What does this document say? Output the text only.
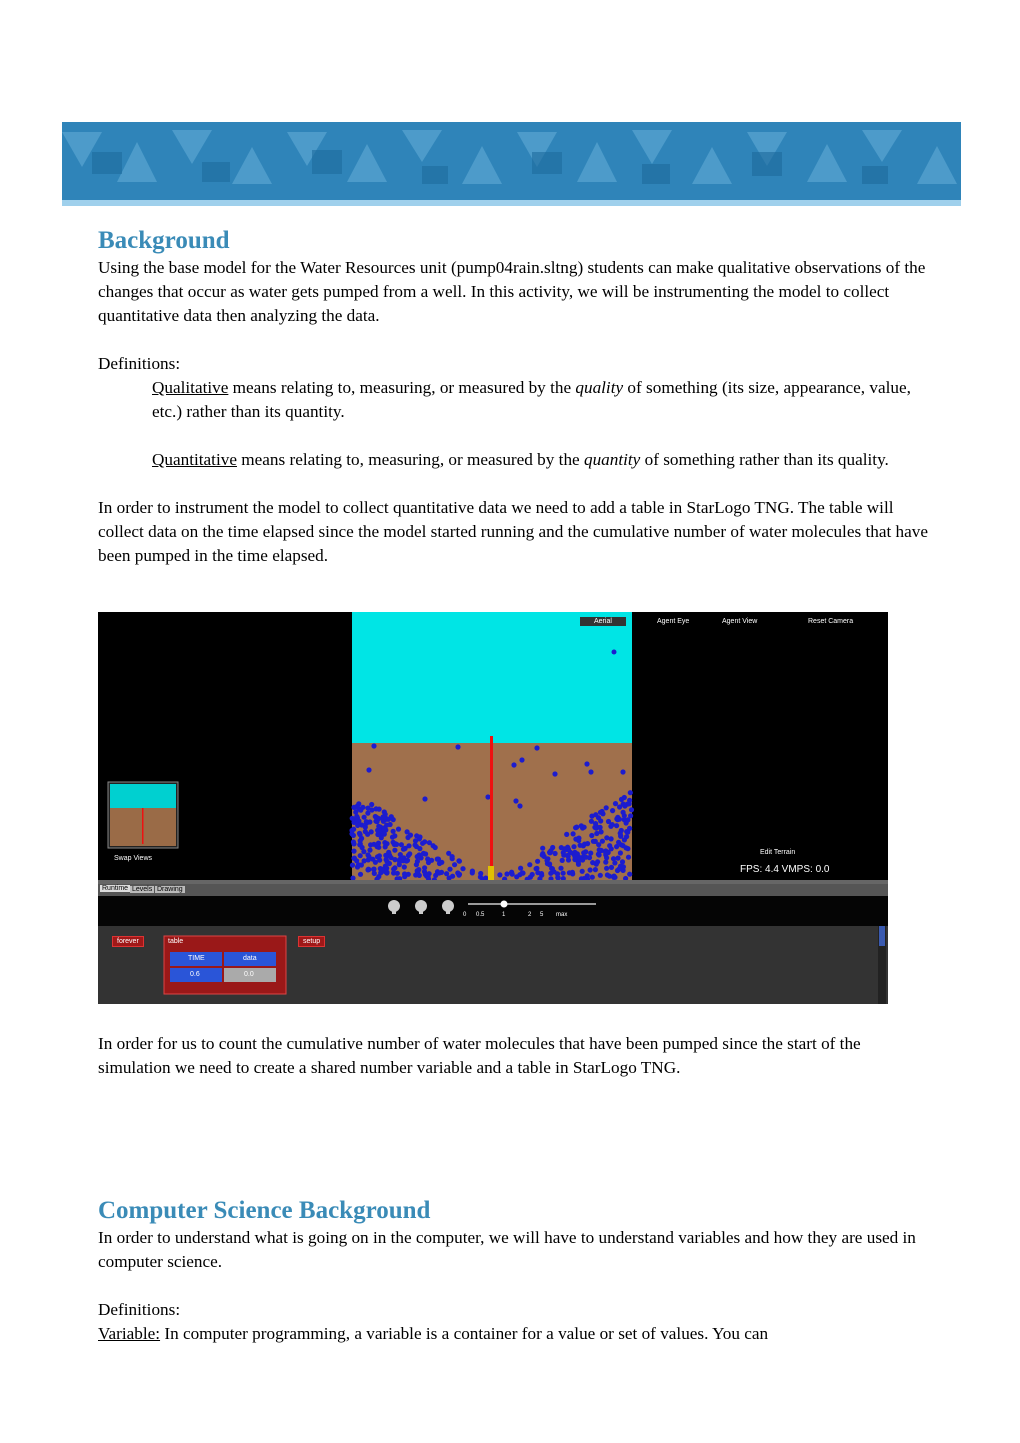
Background

Using the base model for the Water Resources unit (pump04rain.sltng) students can make qualitative observations of the changes that occur as water gets pumped from a well. In this activity, we will be instrumenting the model to collect quantitative data then analyzing the data.

Definitions:

Qualitative means relating to, measuring, or measured by the quality of something (its size, appearance, value, etc.) rather than its quantity.

Quantitative means relating to, measuring, or measured by the quantity of something rather than its quality.

In order to instrument the model to collect quantitative data we need to add a table in StarLogo TNG. The table will collect data on the time elapsed since the model started running and the cumulative number of water molecules that have been pumped in the time elapsed.

Aerial	Agent Eye	Agent View	Reset Camera
Swap Views
Edit Terrain
FPS: 4.4 VMPS: 0.0
Runtime Levels Drawing
0 0.5	1	2 5 max
forever	table	setup
TIME	data
0.6	0.0

In order for us to count the cumulative number of water molecules that have been pumped since the start of the simulation we need to create a shared number variable and a table in StarLogo TNG.

Computer Science Background

In order to understand what is going on in the computer, we will have to understand variables and how they are used in computer science.

Definitions:

Variable: In computer programming, a variable is a container for a value or set of values. You can
